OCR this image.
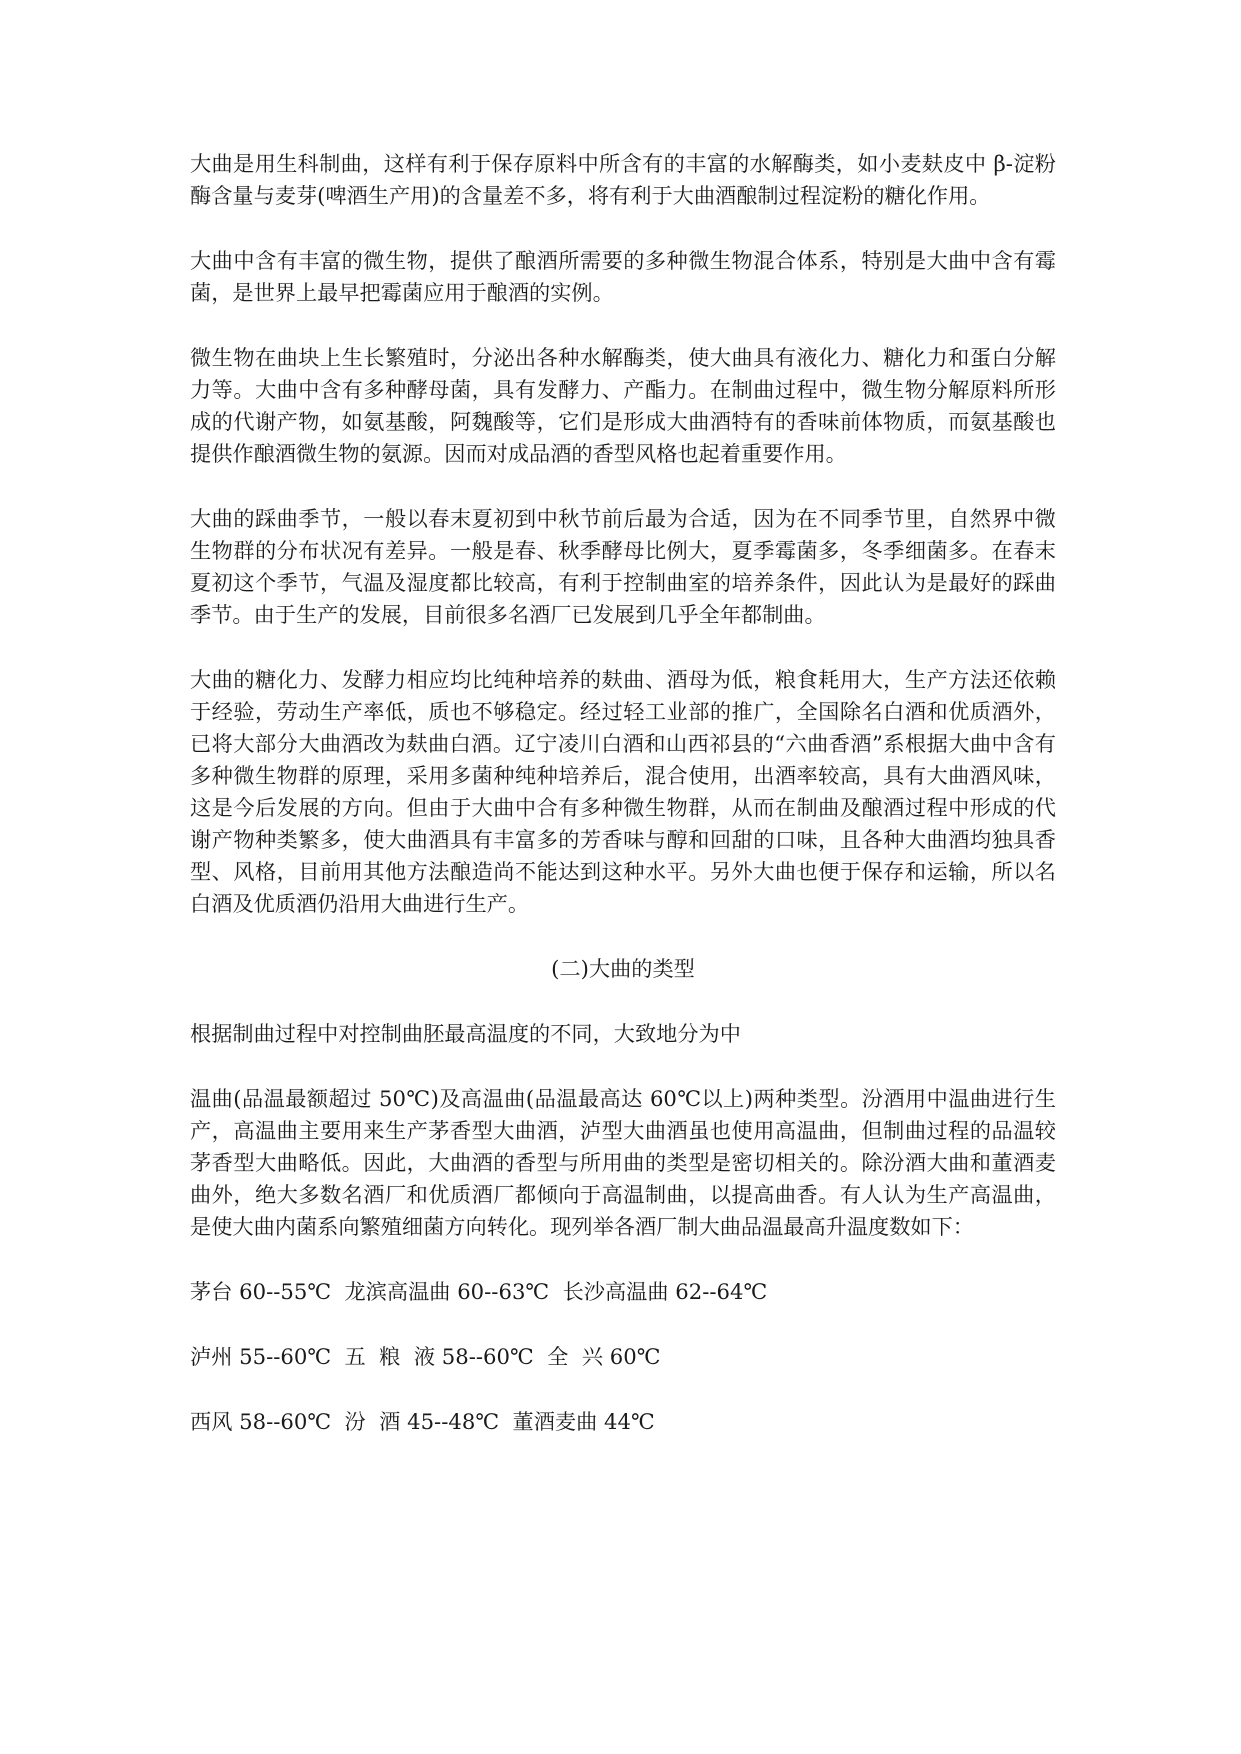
大曲是用生科制曲，这样有利于保存原料中所含有的丰富的水解酶类，如小麦麸皮中 β-淀粉酶含量与麦芽(啤酒生产用)的含量差不多，将有利于大曲酒酿制过程淀粉的糖化作用。

大曲中含有丰富的微生物，提供了酿酒所需要的多种微生物混合体系，特别是大曲中含有霉菌，是世界上最早把霉菌应用于酿酒的实例。

微生物在曲块上生长繁殖时，分泌出各种水解酶类，使大曲具有液化力、糖化力和蛋白分解力等。大曲中含有多种酵母菌，具有发酵力、产酯力。在制曲过程中，微生物分解原料所形成的代谢产物，如氨基酸，阿魏酸等，它们是形成大曲酒特有的香味前体物质，而氨基酸也提供作酿酒微生物的氨源。因而对成品酒的香型风格也起着重要作用。

大曲的踩曲季节，一般以春末夏初到中秋节前后最为合适，因为在不同季节里，自然界中微生物群的分布状况有差异。一般是春、秋季酵母比例大，夏季霉菌多，冬季细菌多。在春末夏初这个季节，气温及湿度都比较高，有利于控制曲室的培养条件，因此认为是最好的踩曲季节。由于生产的发展，目前很多名酒厂已发展到几乎全年都制曲。

大曲的糖化力、发酵力相应均比纯种培养的麸曲、酒母为低，粮食耗用大，生产方法还依赖于经验，劳动生产率低，质也不够稳定。经过轻工业部的推广，全国除名白酒和优质酒外，已将大部分大曲酒改为麸曲白酒。辽宁凌川白酒和山西祁县的“六曲香酒”系根据大曲中含有多种微生物群的原理，采用多菌种纯种培养后，混合使用，出酒率较高，具有大曲酒风味，这是今后发展的方向。但由于大曲中合有多种微生物群，从而在制曲及酿酒过程中形成的代谢产物种类繁多，使大曲酒具有丰富多的芳香味与醇和回甜的口味，且各种大曲酒均独具香型、风格，目前用其他方法酿造尚不能达到这种水平。另外大曲也便于保存和运输，所以名白酒及优质酒仍沿用大曲进行生产。

(二)大曲的类型

根据制曲过程中对控制曲胚最高温度的不同，大致地分为中

温曲(品温最额超过 50℃)及高温曲(品温最高达 60℃以上)两种类型。汾酒用中温曲进行生产，高温曲主要用来生产茅香型大曲酒，泸型大曲酒虽也使用高温曲，但制曲过程的品温较茅香型大曲略低。因此，大曲酒的香型与所用曲的类型是密切相关的。除汾酒大曲和董酒麦曲外，绝大多数名酒厂和优质酒厂都倾向于高温制曲，以提高曲香。有人认为生产高温曲，是使大曲内菌系向繁殖细菌方向转化。现列举各酒厂制大曲品温最高升温度数如下：

茅台 60--55℃  龙滨高温曲 60--63℃  长沙高温曲 62--64℃

泸州 55--60℃  五  粮  液 58--60℃  全  兴 60℃

西风 58--60℃  汾  酒 45--48℃  董酒麦曲 44℃
